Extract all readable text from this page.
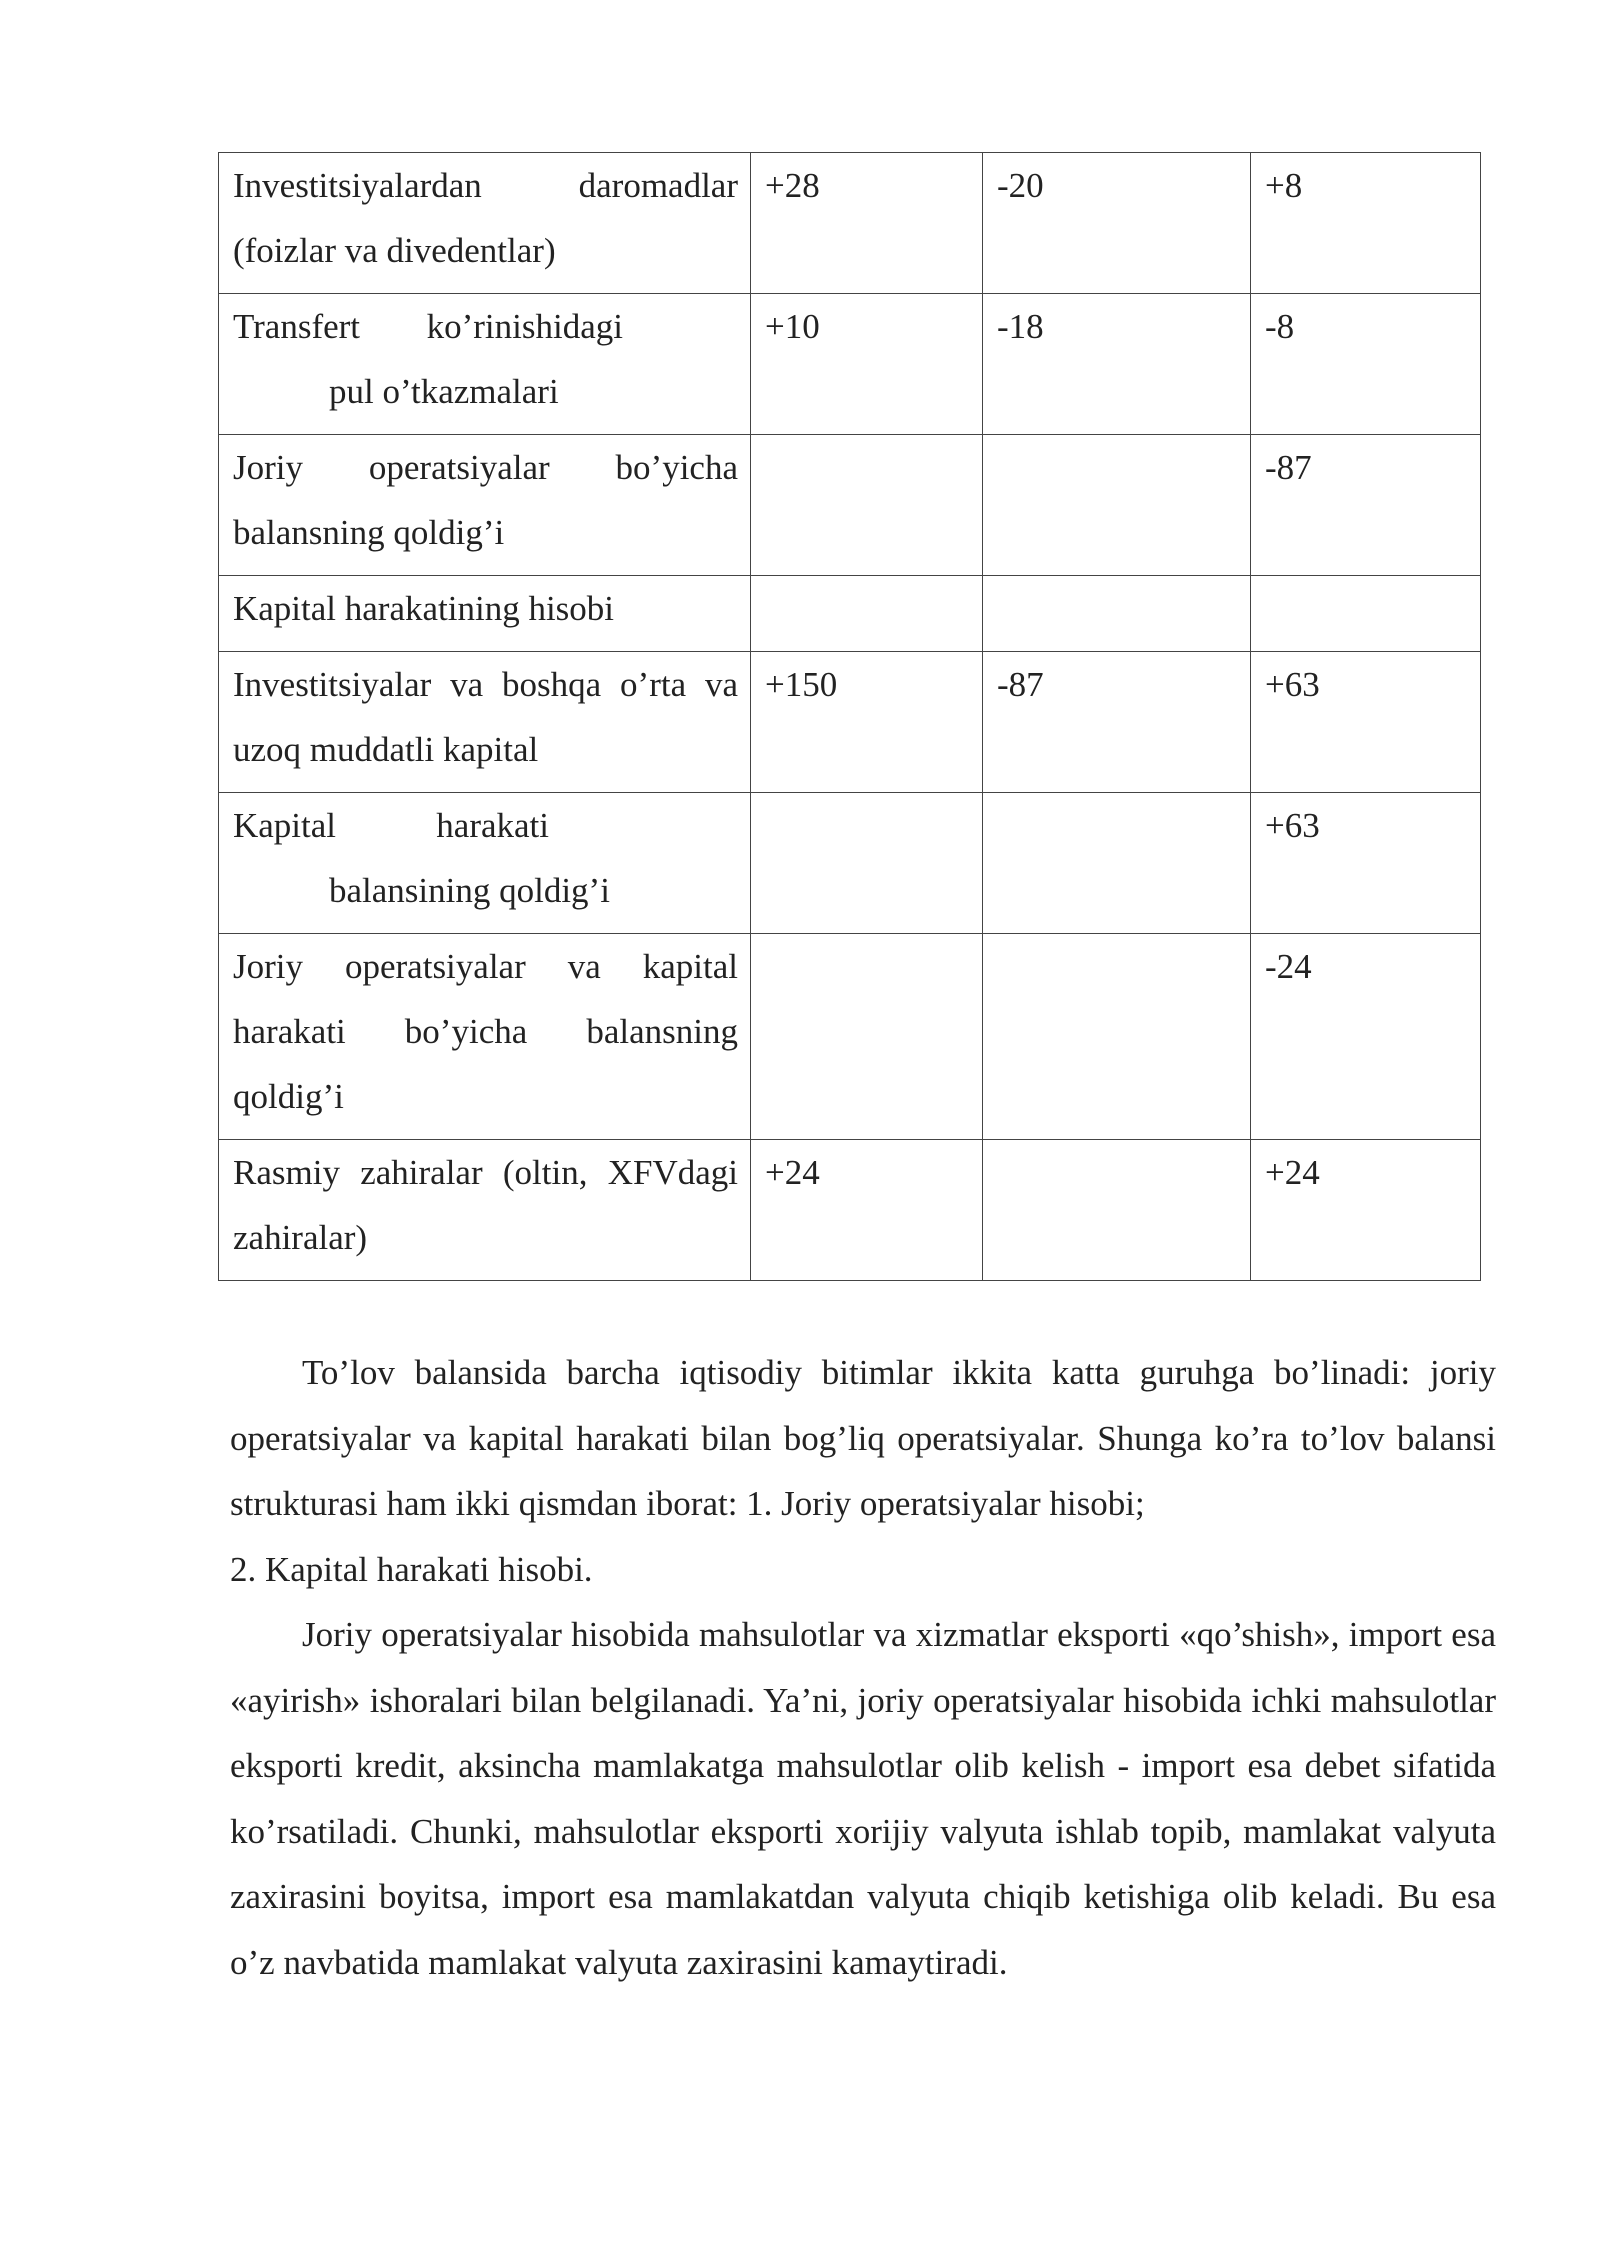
Investitsiyalardan daromadlar (foizlar va divedentlar)	+28	-20	+8

Transfert ko’rinishidagi
pul o’tkazmalari	+10	-18	-8
Joriy operatsiyalar bo’yicha balansning qoldig’i			-87
Kapital harakatining hisobi			
Investitsiyalar va boshqa o’rta va uzoq muddatli kapital	+150	-87	+63

Kapital harakati
balansining qoldig’i			+63
Joriy operatsiyalar va kapital harakati bo’yicha balansning qoldig’i			-24
Rasmiy zahiralar (oltin, XFVdagi zahiralar)	+24		+24

To’lov balansida barcha iqtisodiy bitimlar ikkita katta guruhga bo’linadi: joriy operatsiyalar va kapital harakati bilan bog’liq operatsiyalar. Shunga ko’ra to’lov balansi strukturasi ham ikki qismdan iborat: 1. Joriy operatsiyalar hisobi;

2. Kapital harakati hisobi.

Joriy operatsiyalar hisobida mahsulotlar va xizmatlar eksporti «qo’shish», import esa «ayirish» ishoralari bilan belgilanadi. Ya’ni, joriy operatsiyalar hisobida ichki mahsulotlar eksporti kredit, aksincha mamlakatga mahsulotlar olib kelish - import esa debet sifatida ko’rsatiladi. Chunki, mahsulotlar eksporti xorijiy valyuta ishlab topib, mamlakat valyuta zaxirasini boyitsa, import esa mamlakatdan valyuta chiqib ketishiga olib keladi. Bu esa o’z navbatida mamlakat valyuta zaxirasini kamaytiradi.
